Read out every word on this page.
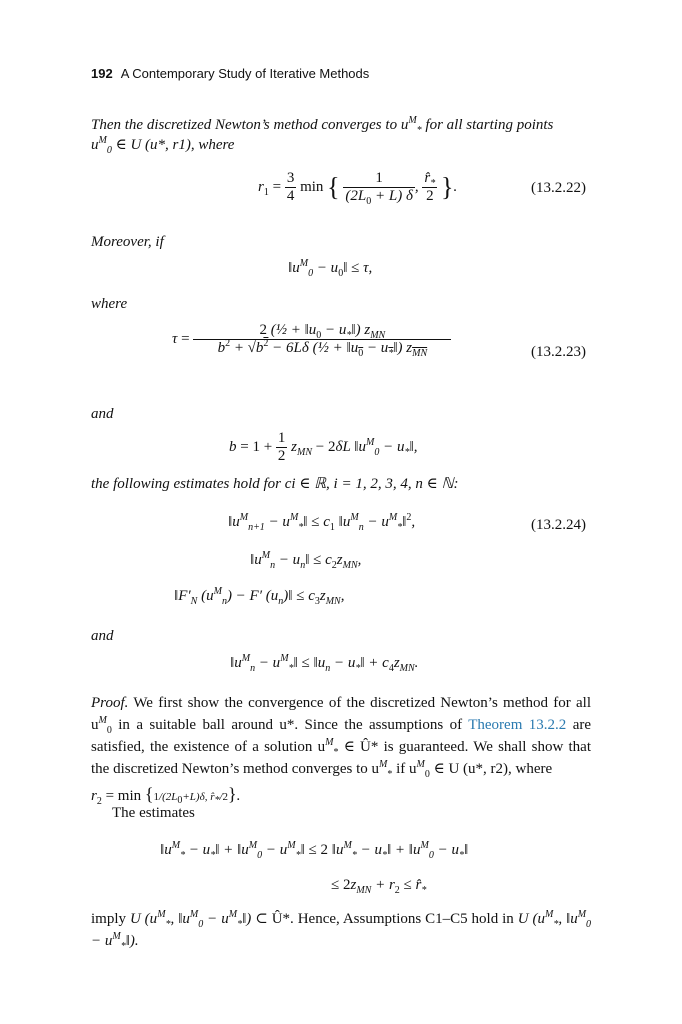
192 A Contemporary Study of Iterative Methods
Then the discretized Newton’s method converges to $u^M_*$ for all starting points
$u^M_0$ ∈ U (u*, r1), where
$r_1 = \frac{3}{4}$ min { $\frac{1}{(2L_0 + L) \delta}$ , $\frac{r̂_*}{2}$ }.	(13.2.22)
Moreover, if
$‖u^M_0$ − $u_0‖ \le \tau$,
where
$\tau = \frac{2 (\frac{1}{2} + ‖u_0 - u_*‖) z_{MN}}{b^2 + √b^2 - 6L\delta (\frac{1}{2} + ‖u_0 - u_*‖) z_{MN}}$	(13.2.23)
and
$b = 1 + \frac{1}{2} z_{MN} - 2\delta L$ $‖u^M_0$ − $u_*‖$,
the following estimates hold for ci ∈ ℝ, i = 1, 2, 3, 4, n ∈ ℕ:
$‖u^M_{n+1}$ − $u^M_*‖ \le c_1$ $‖u^M_n$ − $u^M_*‖^2$,	(13.2.24)
$‖u^M_n$ − $u_n‖ \le c_2z_{MN}$,
$‖F'_N$ $(u^M_n) - F'$ $(u_n)‖ \le c_3z_{MN}$,
and
$‖u^M_n$ − $u^M_*‖$ ≤ $‖u_n$ − $u_*‖ + c_4z_{MN}$.
Proof. We first show the convergence of the discretized Newton’s method for all $u^M_0$ in a suitable ball around u*. Since the assumptions of Theorem 13.2.2 are satisfied, the existence of a solution $u^M_*$ ∈ Û* is guaranteed. We shall show that the discretized Newton’s method converges to $u^M_*$ if $u^M_0$ ∈ U (u*, r2), where
$r_2 = \min \{1/(2L_0+L)\delta$, $r̂_*/2$}.
The estimates
$‖u^M_*$ − $u_*‖$ + $‖u^M_0$ − $u^M_*‖ \le 2$ $‖u^M_*$ − $u_*‖$ + $‖u^M_0$ − $u_*‖$
≤ $2z_{MN} + r_2$ ≤ $r̂_*$
imply U ($u^M_*$, $‖u^M_0$ − $u^M_*‖$) ⊂ Û*. Hence, Assumptions C1–C5 hold in U ($u^M_*$, $‖u^M_0$ − $u^M_*‖$).
